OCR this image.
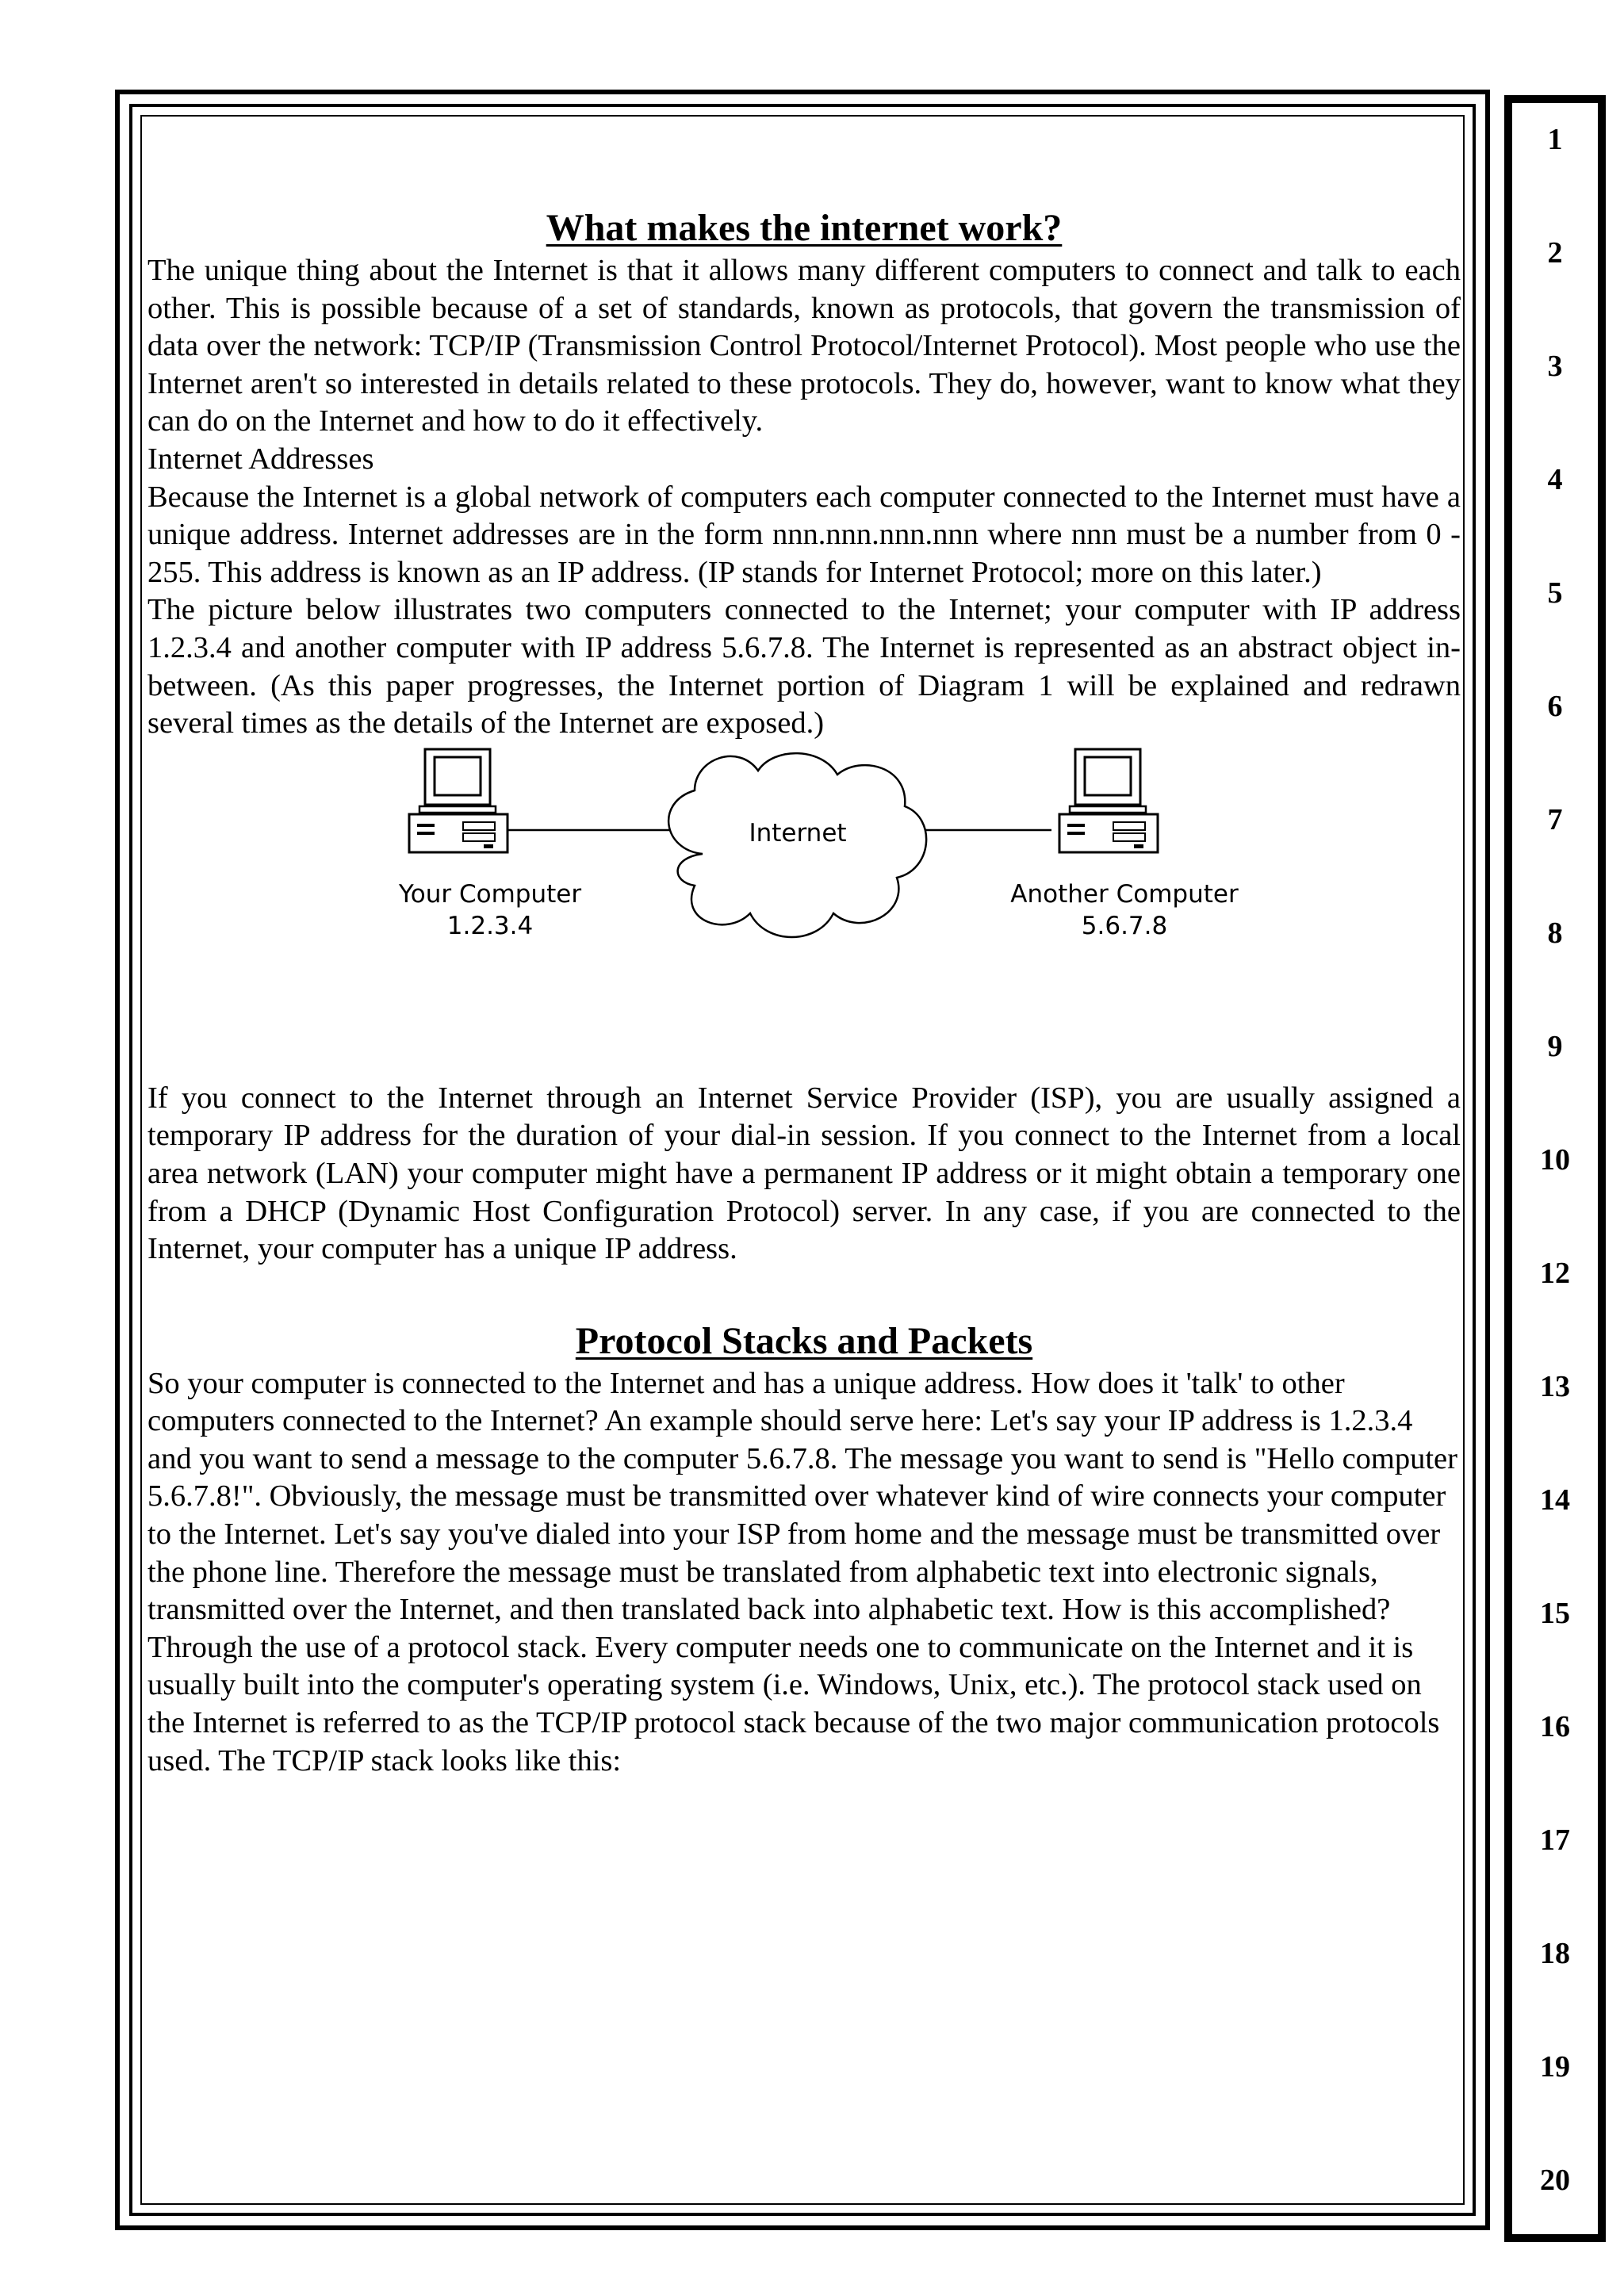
What makes the internet work?

The unique thing about the Internet is that it allows many different computers to connect and talk to each other. This is possible because of a set of standards, known as protocols, that govern the transmission of data over the network: TCP/IP (Transmission Control Protocol/Internet Protocol). Most people who use the Internet aren't so interested in details related to these protocols. They do, however, want to know what they can do on the Internet and how to do it effectively.

Internet Addresses

Because the Internet is a global network of computers each computer connected to the Internet must have a unique address. Internet addresses are in the form nnn.nnn.nnn.nnn where nnn must be a number from 0 - 255. This address is known as an IP address. (IP stands for Internet Protocol; more on this later.)

The picture below illustrates two computers connected to the Internet; your computer with IP address 1.2.3.4 and another computer with IP address 5.6.7.8. The Internet is represented as an abstract object in-between. (As this paper progresses, the Internet portion of Diagram 1 will be explained and redrawn several times as the details of the Internet are exposed.)

Internet
Your Computer
1.2.3.4
Another Computer
5.6.7.8

If you connect to the Internet through an Internet Service Provider (ISP), you are usually assigned a temporary IP address for the duration of your dial-in session. If you connect to the Internet from a local area network (LAN) your computer might have a permanent IP address or it might obtain a temporary one from a DHCP (Dynamic Host Configuration Protocol) server. In any case, if you are connected to the Internet, your computer has a unique IP address.

Protocol Stacks and Packets

So your computer is connected to the Internet and has a unique address. How does it 'talk' to other computers connected to the Internet? An example should serve here: Let's say your IP address is 1.2.3.4 and you want to send a message to the computer 5.6.7.8. The message you want to send is "Hello computer 5.6.7.8!". Obviously, the message must be transmitted over whatever kind of wire connects your computer to the Internet. Let's say you've dialed into your ISP from home and the message must be transmitted over the phone line. Therefore the message must be translated from alphabetic text into electronic signals, transmitted over the Internet, and then translated back into alphabetic text. How is this accomplished? Through the use of a protocol stack. Every computer needs one to communicate on the Internet and it is usually built into the computer's operating system (i.e. Windows, Unix, etc.). The protocol stack used on the Internet is referred to as the TCP/IP protocol stack because of the two major communication protocols used. The TCP/IP stack looks like this:

1
2
3
4
5
6
7
8
9
10
12
13
14
15
16
17
18
19
20
